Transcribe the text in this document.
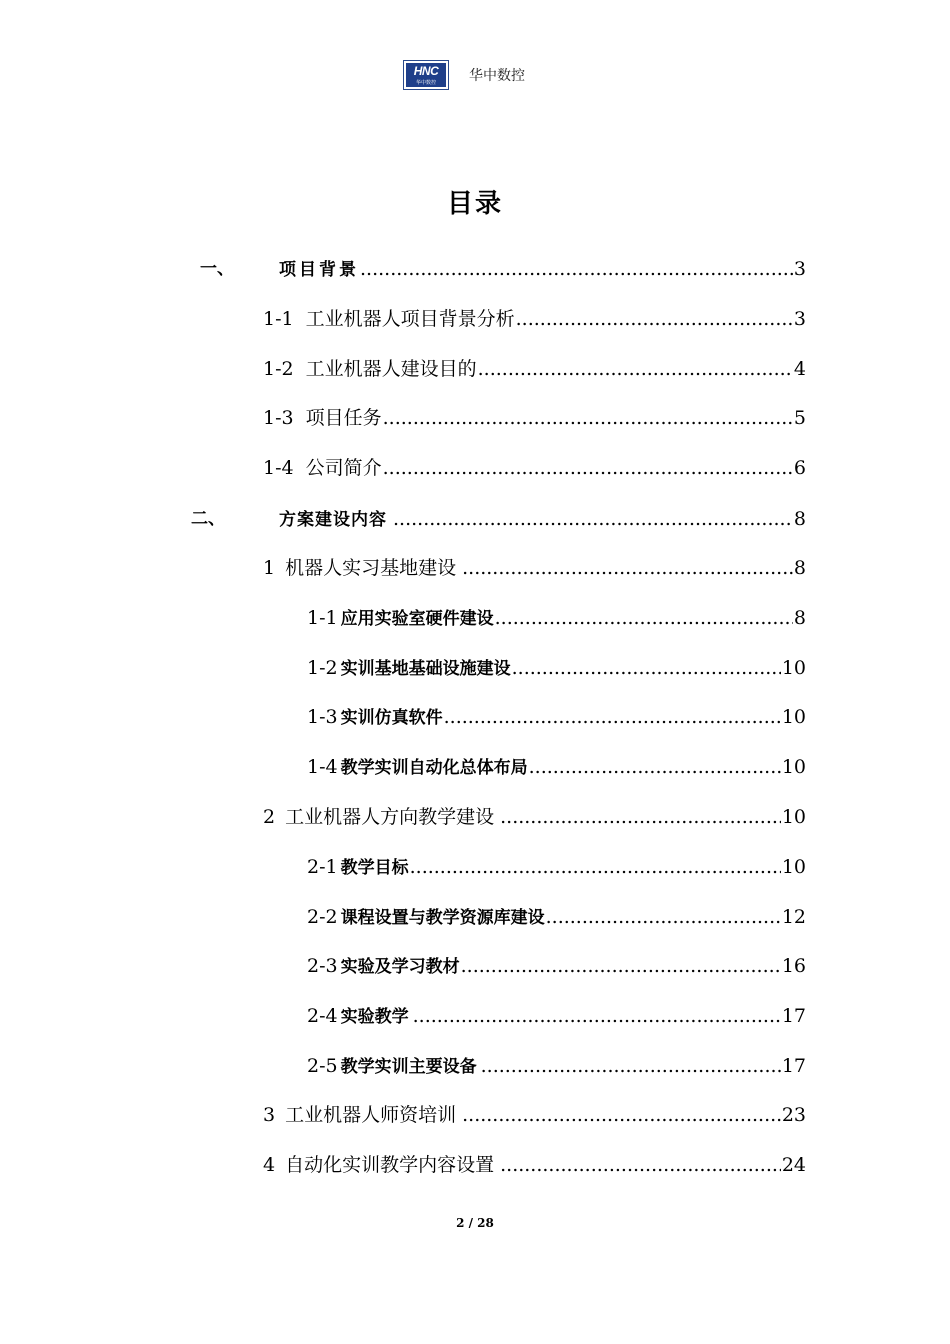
HNC
华中数控	华中数控
目录
一、	项目背景 .....	3
1-1 工业机器人项目背景分析 .....	3
1-2 工业机器人建设目的 .....	4
1-3 项目任务 .....	5
1-4 公司简介 .....	6
二、	方案建设内容 .....	8
1 机器人实习基地建设 .....	8
1-1 应用实验室硬件建设 .....	8
1-2 实训基地基础设施建设 .....	10
1-3 实训仿真软件 .....	10
1-4 教学实训自动化总体布局 .....	10
2 工业机器人方向教学建设 .....	10
2-1 教学目标 .....	10
2-2 课程设置与教学资源库建设 .....	12
2-3 实验及学习教材 .....	16
2-4 实验教学 .....	17
2-5 教学实训主要设备 .....	17
3 工业机器人师资培训 .....	23
4 自动化实训教学内容设置 .....	24
2 / 28
